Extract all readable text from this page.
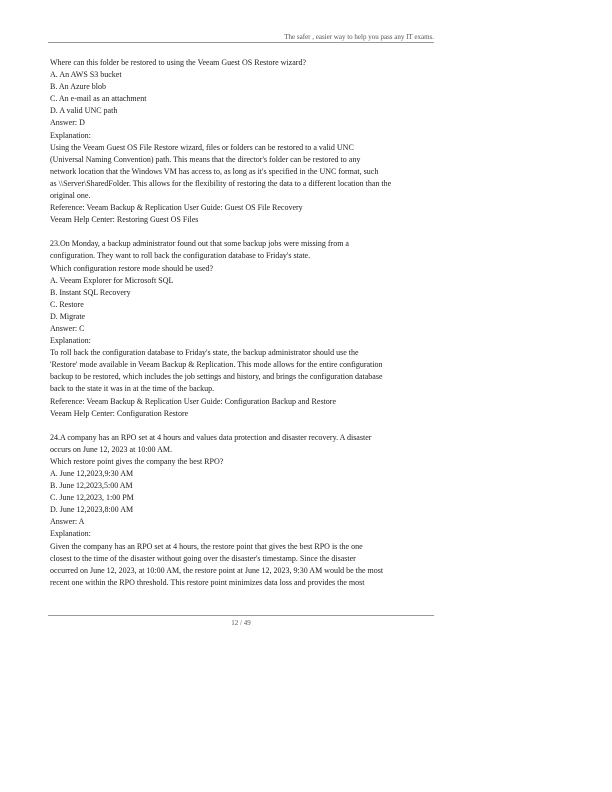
The safer , easier way to help you pass any IT exams.
Where can this folder be restored to using the Veeam Guest OS Restore wizard?
A. An AWS S3 bucket
B. An Azure blob
C. An e-mail as an attachment
D. A valid UNC path
Answer: D
Explanation:
Using the Veeam Guest OS File Restore wizard, files or folders can be restored to a valid UNC
(Universal Naming Convention) path. This means that the director's folder can be restored to any
network location that the Windows VM has access to, as long as it's specified in the UNC format, such
as \\Server\SharedFolder. This allows for the flexibility of restoring the data to a different location than the
original one.
Reference: Veeam Backup & Replication User Guide: Guest OS File Recovery
Veeam Help Center: Restoring Guest OS Files
23.On Monday, a backup administrator found out that some backup jobs were missing from a
configuration. They want to roll back the configuration database to Friday's state.
Which configuration restore mode should be used?
A. Veeam Explorer for Microsoft SQL
B. Instant SQL Recovery
C. Restore
D. Migrate
Answer: C
Explanation:
To roll back the configuration database to Friday's state, the backup administrator should use the
'Restore' mode available in Veeam Backup & Replication. This mode allows for the entire configuration
backup to be restored, which includes the job settings and history, and brings the configuration database
back to the state it was in at the time of the backup.
Reference: Veeam Backup & Replication User Guide: Configuration Backup and Restore
Veeam Help Center: Configuration Restore
24.A company has an RPO set at 4 hours and values data protection and disaster recovery. A disaster
occurs on June 12, 2023 at 10:00 AM.
Which restore point gives the company the best RPO?
A. June 12,2023,9:30 AM
B. June 12,2023,5:00 AM
C. June 12,2023, 1:00 PM
D. June 12,2023,8:00 AM
Answer: A
Explanation:
Given the company has an RPO set at 4 hours, the restore point that gives the best RPO is the one
closest to the time of the disaster without going over the disaster's timestamp. Since the disaster
occurred on June 12, 2023, at 10:00 AM, the restore point at June 12, 2023, 9:30 AM would be the most
recent one within the RPO threshold. This restore point minimizes data loss and provides the most
12 / 49
